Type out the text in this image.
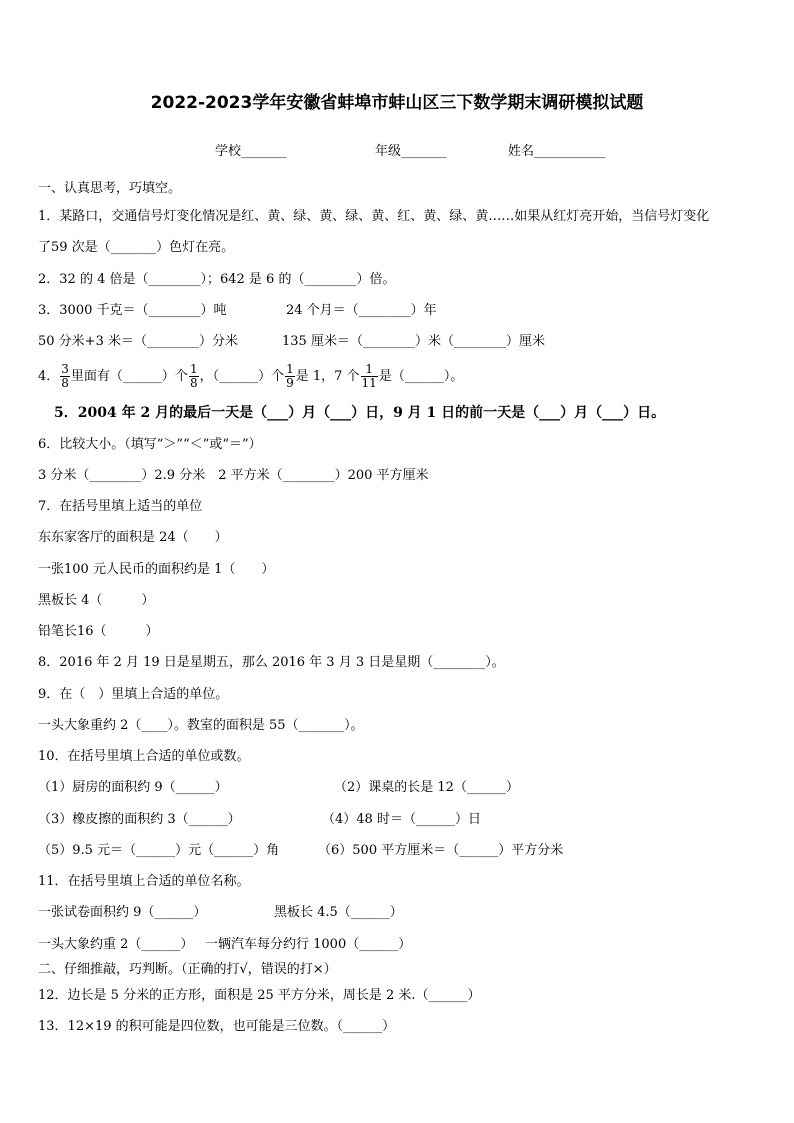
2022-2023学年安徽省蚌埠市蚌山区三下数学期末调研模拟试题
学校_______	年级_______	姓名___________
一、认真思考，巧填空。
1．某路口，交通信号灯变化情况是红、黄、绿、黄、绿、黄、红、黄、绿、黄……如果从红灯亮开始，当信号灯变化
了59 次是（_______）色灯在亮。
2．32 的 4 倍是（________）；642 是 6 的（________）倍。
3．3000 千克＝（________）吨	24 个月＝（________）年
50 分米+3 米＝（________）分米	135 厘米＝（________）米（________）厘米
4． $\frac{3}{8}$ 里面有（______）个 $\frac{1}{8}$ ，（______）个 $\frac{1}{9}$ 是 1，7 个 $\frac{1}{11}$ 是（______）。
5．2004 年 2 月的最后一天是（___）月（___）日，9 月 1 日的前一天是（___）月（___）日。
6．比较大小。（填写“＞”“＜”或“＝”）
3 分米（________）2.9 分米　2 平方米（________）200 平方厘米
7．在括号里填上适当的单位
东东家客厅的面积是 24（　　）
一张100 元人民币的面积约是 1（　　）
黑板长 4（　　　）
铅笔长16（　　　）
8．2016 年 2 月 19 日是星期五，那么 2016 年 3 月 3 日是星期（________）。
9．在（　）里填上合适的单位。
一头大象重约 2（____）。教室的面积是 55（_______）。
10．在括号里填上合适的单位或数。
（1）厨房的面积约 9（______）	（2）课桌的长是 12（______）
（3）橡皮擦的面积约 3（______）	（4）48 时＝（______）日
（5）9.5 元＝（______）元（______）角	（6）500 平方厘米＝（______）平方分米
11．在括号里填上合适的单位名称。
一张试卷面积约 9（______）	黑板长 4.5（______）
一头大象约重 2（______） 一辆汽车每分约行 1000（______）
二、仔细推敲，巧判断。（正确的打√，错误的打×）
12．边长是 5 分米的正方形，面积是 25 平方分米，周长是 2 米.（______）
13．12×19 的积可能是四位数，也可能是三位数。（______）
